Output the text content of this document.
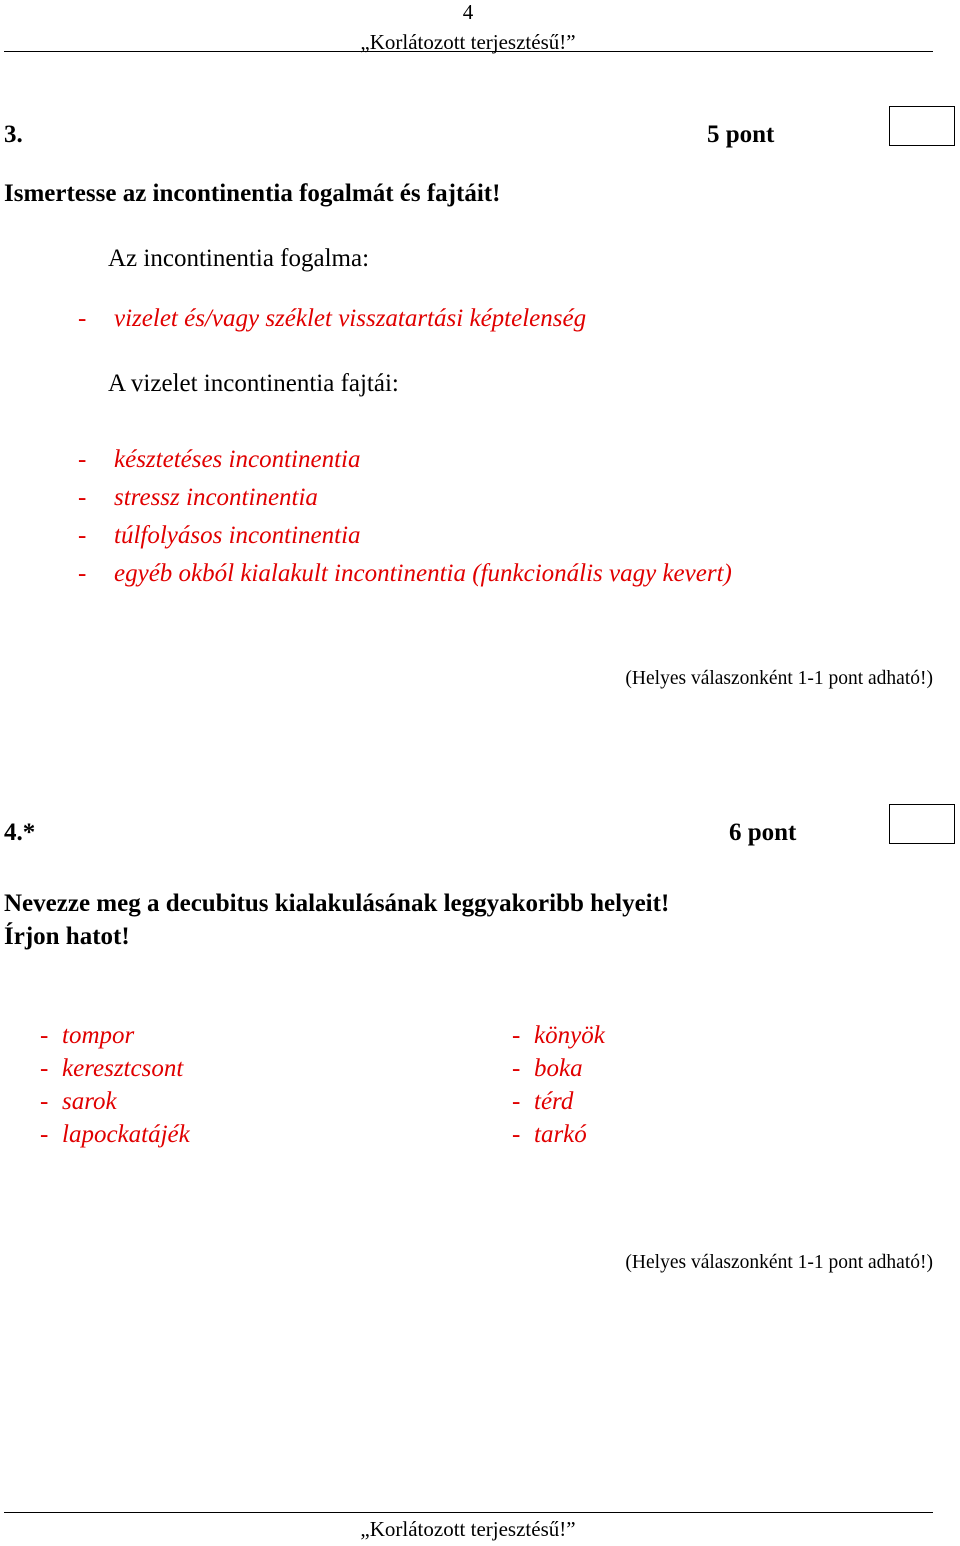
4
„Korlátozott terjesztésű!”
3.	5 pont
Ismertesse az incontinentia fogalmát és fajtáit!
Az incontinentia fogalma:
- vizelet és/vagy széklet visszatartási képtelenség
A vizelet incontinentia fajtái:
- késztetéses incontinentia
- stressz incontinentia
- túlfolyásos incontinentia
- egyéb okból kialakult incontinentia (funkcionális vagy kevert)
(Helyes válaszonként 1-1 pont adható!)
4.*	6 pont
Nevezze meg a decubitus kialakulásának leggyakoribb helyeit!
Írjon hatot!
- tompor
- keresztcsont
- sarok
- lapockatájék
- könyök
- boka
- térd
- tarkó
(Helyes válaszonként 1-1 pont adható!)
„Korlátozott terjesztésű!”
